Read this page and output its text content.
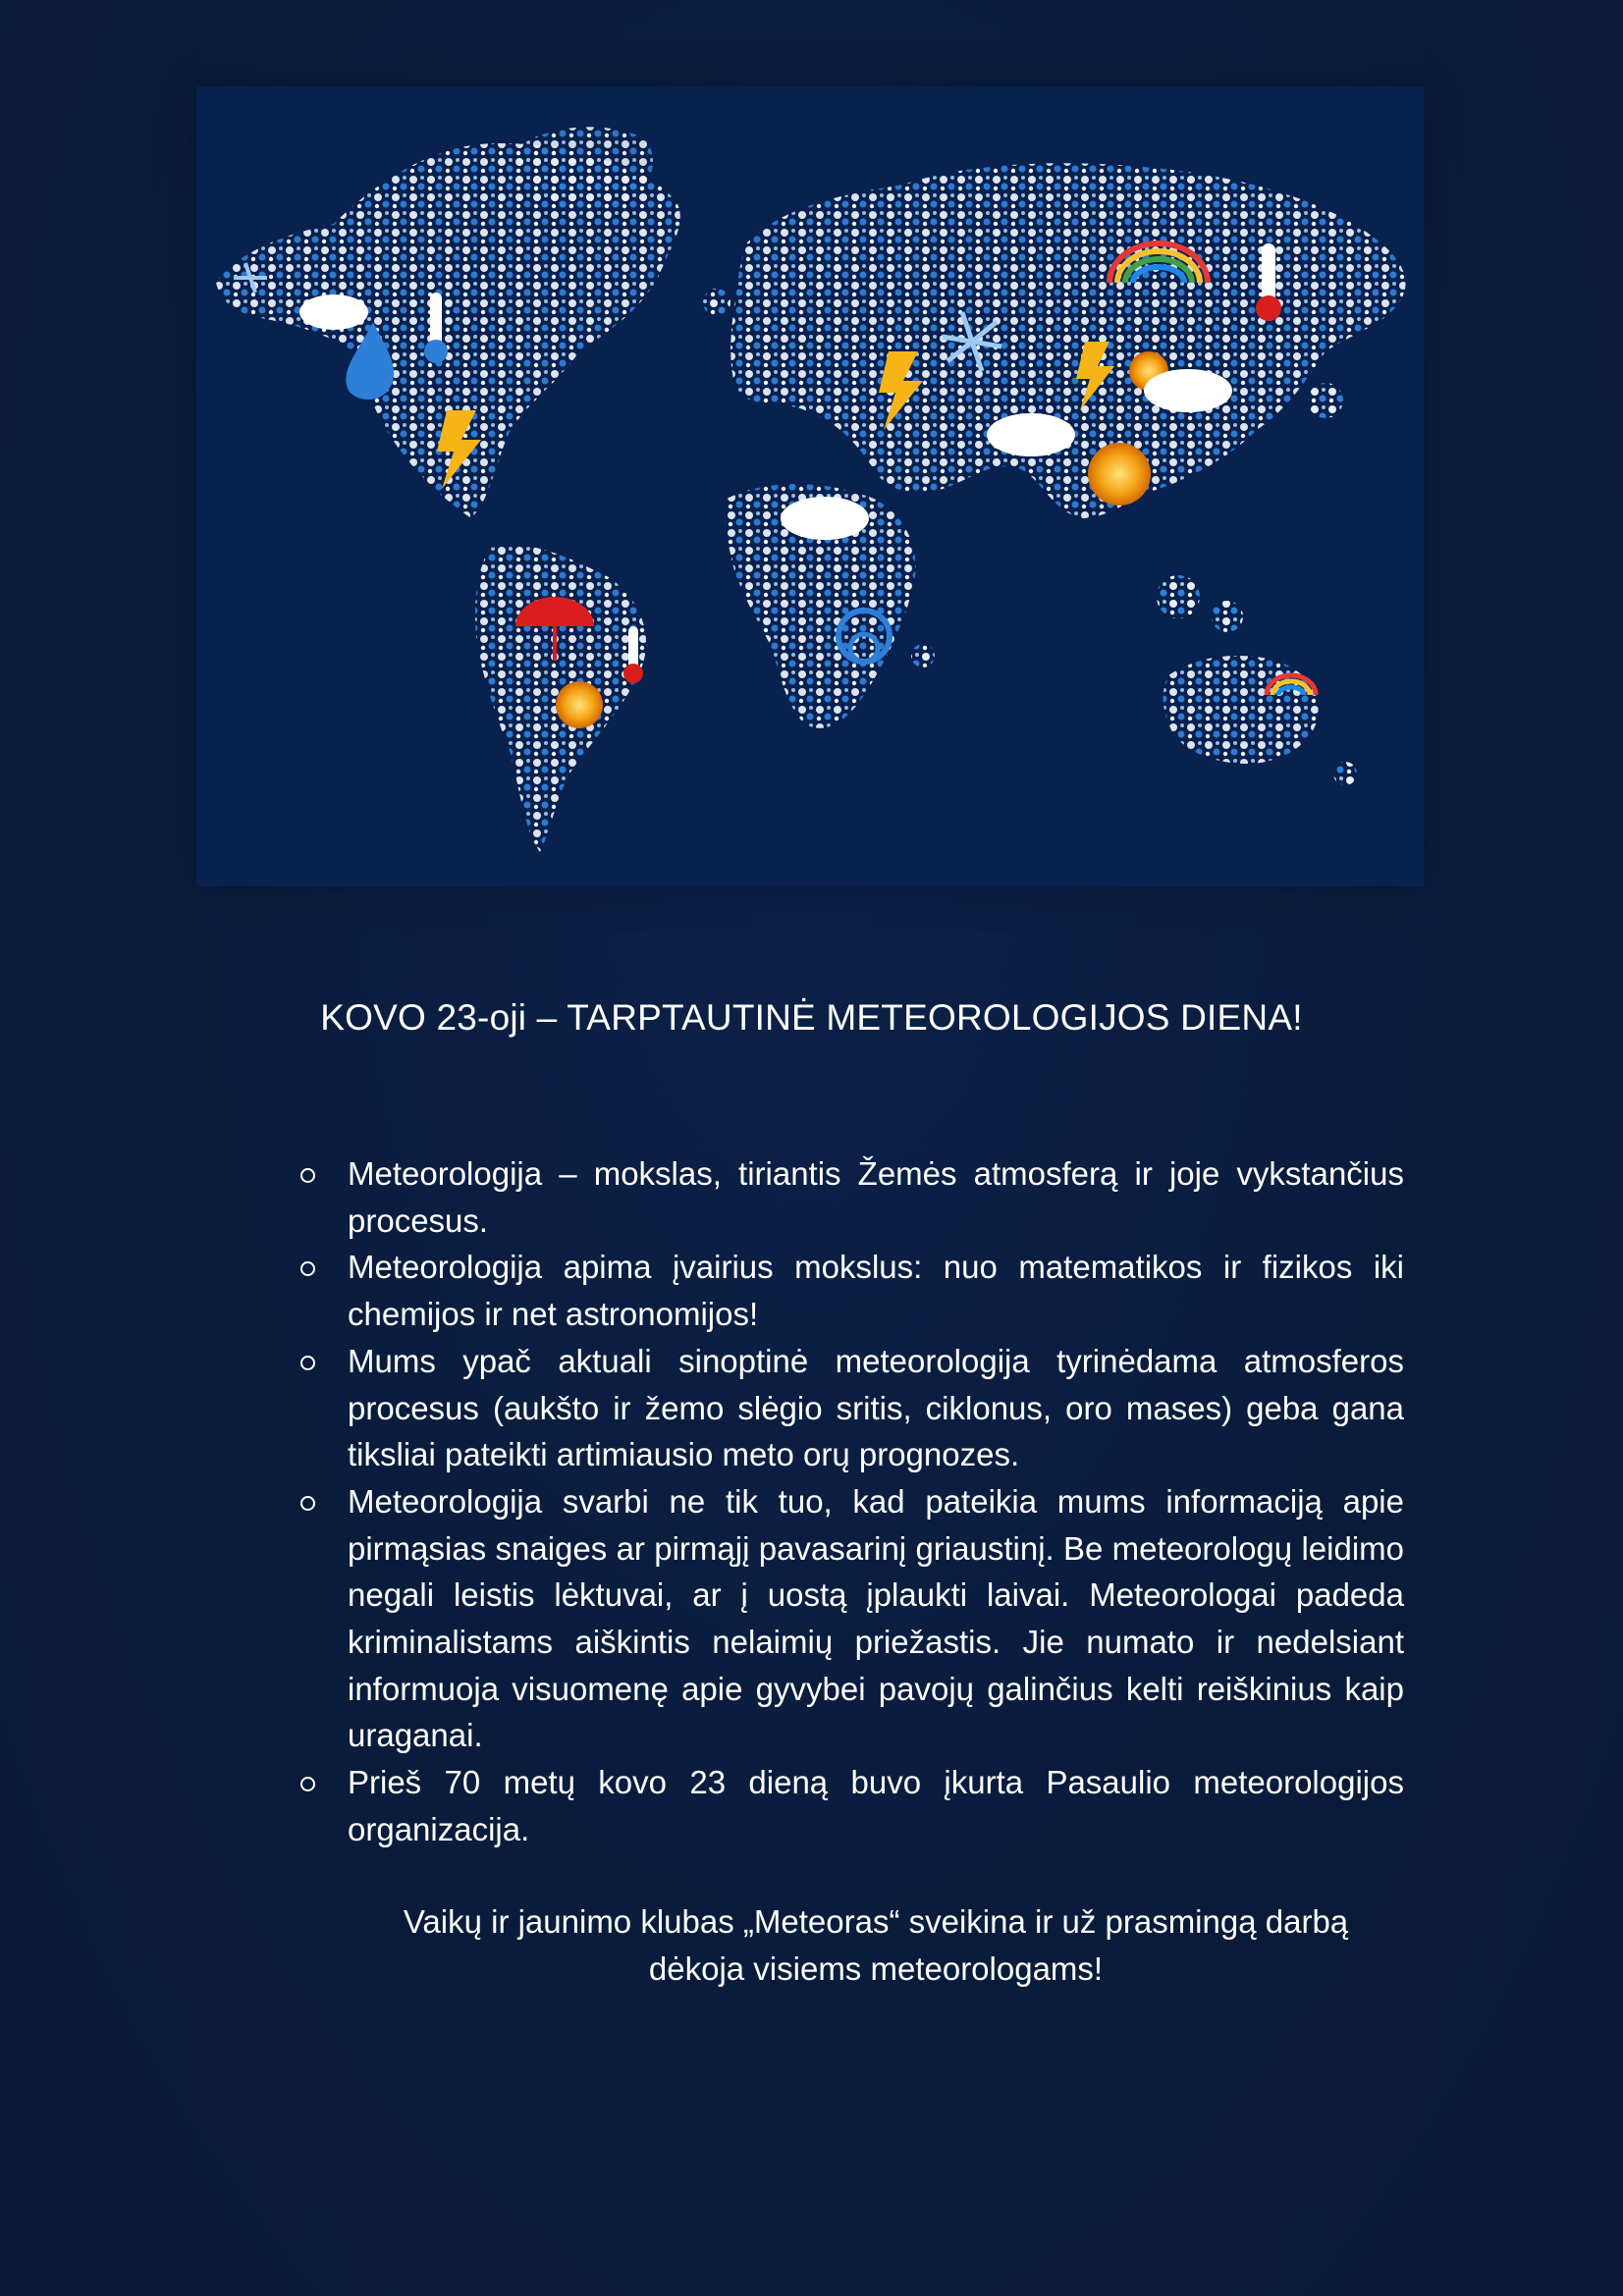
KOVO 23-oji – TARPTAUTINĖ METEOROLOGIJOS DIENA!
Meteorologija – mokslas, tiriantis Žemės atmosferą ir joje vykstančius procesus.
Meteorologija apima įvairius mokslus: nuo matematikos ir fizikos iki chemijos ir net astronomijos!
Mums ypač aktuali sinoptinė meteorologija tyrinėdama atmosferos procesus (aukšto ir žemo slėgio sritis, ciklonus, oro mases) geba gana tiksliai pateikti artimiausio meto orų prognozes.
Meteorologija svarbi ne tik tuo, kad pateikia mums informaciją apie pirmąsias snaiges ar pirmąjį pavasarinį griaustinį. Be meteorologų leidimo negali leistis lėktuvai, ar į uostą įplaukti laivai. Meteorologai padeda kriminalistams aiškintis nelaimių priežastis. Jie numato ir nedelsiant informuoja visuomenę apie gyvybei pavojų galinčius kelti reiškinius kaip uraganai.
Prieš 70 metų kovo 23 dieną buvo įkurta Pasaulio meteorologijos organizacija.
Vaikų ir jaunimo klubas „Meteoras“ sveikina ir už prasmingą darbą
dėkoja visiems meteorologams!
